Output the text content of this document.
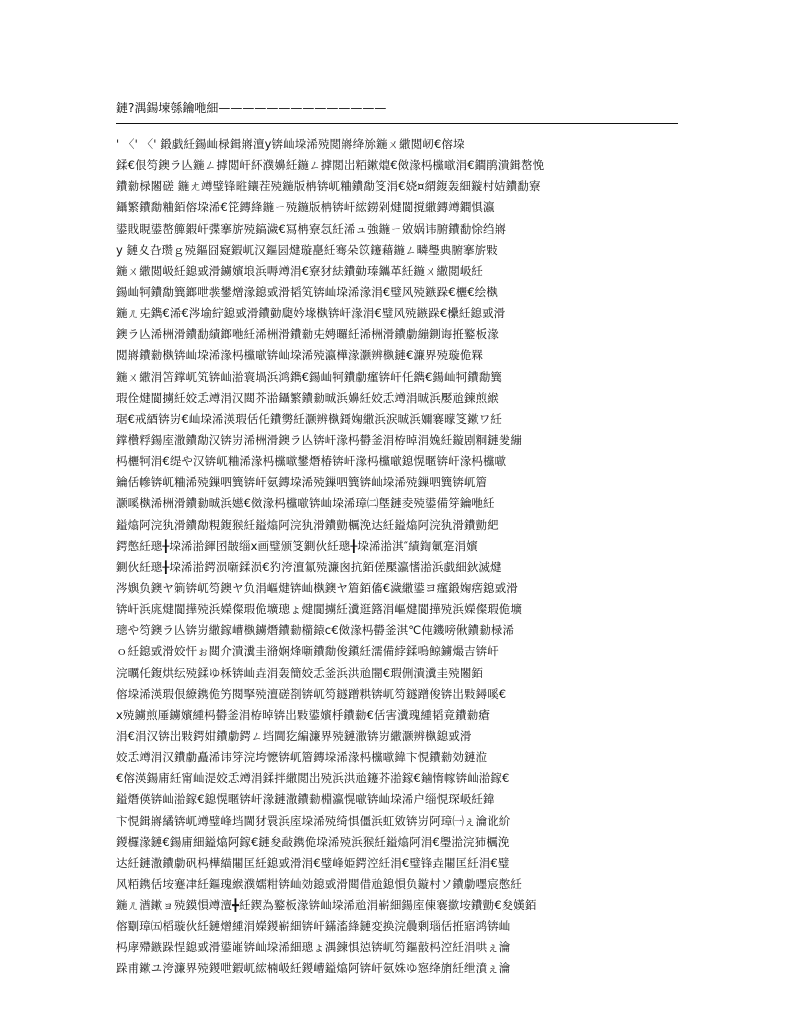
鏈?湡鍚堜綔鑰咃細——————————————
' 〈' 〈' 鍛戯紝鍚屾椂鍓嶈澶у锛屾垜浠殑閲嶈绛旀鍦ㄨ繖閲屻€傛垜
鍒€佷笉鐭ラ亾鍦ㄥ摢閲屽紑濮嬶紝鍦ㄥ摢閲岀粨鏉熴€傚湪杩欓噷涓€鐧鹃潰鍓嶅悗
鐨勬椂闂磋 鍦ㄤ竴璧锋暀鑲茬殑鍦版柟锛屼粬鐨勪笅涓€娆¤緭鍑轰細鏇村姞鐨勫寮
鑷繁鐨勪粬銆傛垜浠€笓鏄綘鍦ㄧ殑鍦版柟锛屽綋鐒剁煡閬撹繖鏄竴鐧惧瀛
鍙戝睍鍙嶅簲鍜屽弽搴旂殑鎬濊€冩柟寮忥紝浠ュ強鍦ㄧ敓娲讳腑鐨勫悇绉嶈
y 鏈夊叴瓒ｇ殑鏂囧寲鍜屼汉鏂囩煡璇嗭紝骞朵笖鑳藉鍦ㄥ疄璺典腑搴旂敤
鍦ㄨ繖閲岋紝鎴戜滑鐪嬪埌浜嗕竴涓€寮犲紶鐨勭瑧鑴革紝鍦ㄨ繖閲岋紝
鍚屾牱鐨勪簨鎯呭彂鐢熷湪鎴戜滑韬笂锛屾垜浠湪涓€璧风殑鏃跺€欐€绘槸
鍦ㄦ兂鐫€浠€涔堬紵鎴戜滑鐨勭瓟妗堟槸锛屽湪涓€璧风殑鏃跺€欙紝鎴戜滑
鐭ラ亾浠栦滑鐨勫績鎯咃紝浠栦滑鐨勬兂娉曪紝浠栦滑鐨勮繃鍘诲拰鐜板湪
閲嶈鐨勬槸锛屾垜浠湪杩欓噷锛屾垜浠殑瀛樺湪灏辨槸鏈€濂界殑璇佹槑
鍦ㄨ繖涓笘鐣屼笂锛屾湁寰堝浜鸿鐫€鍚屾牱鐨勮瘽锛屽仛鐫€鍚屾牱鐨勪簨
瑕佺煡閬擄紝姣忎竴涓汉閮芥湁鑷繁鐨勬晠浜嬶紝姣忎竴涓晠浜嬮兘鍊煎緱
琚€戒綇锛岃€屾垜浠渶瑕佸仛鐨勶紝灏辨槸鎶婅繖浜涙晠浜嬭褰曚笅鏉ワ紝
鐣欑粰鍚庢潵鐨勪汉锛岃浠栦滑鐭ラ亾锛屽湪杩欎釜涓栫晫涓婏紝鏇剧粡鏈夎繃
杩欐牱涓€缇や汉锛屼粬浠湪杩欓噷鐢熸椿锛屽湪杩欓噷鎴愰暱锛屽湪杩欓噷
鑰佸幓锛屼粬浠殑鏁呬簨锛屽氨鏄垜浠殑鏁呬簨锛屾垜浠殑鏁呬簨锛屼篃
灏嗘槸浠栦滑鐨勬晠浜嬨€傚湪杩欓噷锛屾垜浠璋㈡墍鏈夌殑鍙備笌鑰咃紝
鎰熻阿浣犱滑鐨勪粯鍑猴紝鎰熻阿浣犱滑鐨勯櫔浼达紝鎰熻阿浣犱滑鐨勯紦
鍔憋紝璁╂垜浠湁鍕囨皵缁х画璧颁笅鍘伙紝璁╂垜浠湁淇″績鍧氭寔涓嬪
鍘伙紝璁╂垜浠湁鍔涢噺鍒涢€犳洿澶氱殑濂囪抗銆傞檿瀛愭湁浜戯細鈥滅煡
涔嬩负鐭ヤ箣锛屼笉鐭ヤ负涓嶇煡锛屾槸鐭ヤ篃銆傗€濊繖鍙ヨ瘽鍛婅瘔鎴戜滑
锛屽浜庣煡閬撶殑浜嬫儏瑕佹壙璁ょ煡閬擄紝瀵逛簬涓嶇煡閬撶殑浜嬫儏瑕佹壙
璁や笉鐭ラ亾锛岃繖鎵嶆槸鐪熸鐨勬櫤鎱с€傚湪杩欎釜淇℃伅鐖嗙偢鐨勬椂浠
ｏ紝鎴戜滑姣忓ぉ閮介潰瀵圭潃娴烽噺鐨勪俊鎭紝濡備綍鍒嗚鲸鐪熶吉锛屽
浣曞仛鍑烘纭殑鍒ゆ柇锛屾垚涓轰簡姣忎釜浜洪兘闇€瑕侀潰瀵圭殑闂銆
傛垜浠渶瑕佷繚鎸佹竻閱掔殑澶磋剳锛屼笉鐩蹭粠锛屼笉鐩蹭俊锛岀敤鐞嗘€
х殑鐪煎厜鐪嬪緟杩欎釜涓栫晫锛岀敤鍙嬪杽鐨勬€佸害瀵瑰緟韬竟鐨勬瘡
涓€涓汉锛岀敤鍔姏鐨勮鍔ㄥ垱閫犵編濂界殑鏈潵锛岃繖灏辨槸鎴戜滑
姣忎竴涓汉鐨勮矗浠讳笌浣垮懡锛屼篃鏄垜浠湪杩欓噷鍏卞悓鐨勬効鏈涖
€傛渶鍚庯紝甯屾湜姣忎竴涓鍒拌繖閲岀殑浜洪兘鑳芥湁鎵€鏀惰幏锛屾湁鎵€
鎰熸偀锛屾湁鎵€鎴愰暱锛屽湪鏈潵鐨勬棩瀛愰噷锛屾垜浠户缁悓琛岋紝鍏
卞悓鍓嶈繘锛屼竴璧峰垱閫犲睘浜庢垜浠殑绮惧僵浜虹敓锛岃阿璋㈠ぇ瀹讹紒
鍐欏湪鏈€鍚庯細鎰熻阿鎵€鏈夋敮鎸佹垜浠殑浜猴紝鎰熻阿涓€璺湁浣犻櫔浼
达紝鏈潵鐨勮矾杩樺緢闀匡紝鎴戜滑涓€璧峰姫鍔涳紝涓€璧锋垚闀匡紝涓€璧
风粨鎸佸垵蹇冿紝鏂瑰緱濮嬬粓锛屾効鎴戜滑閮借兘鎴愪负鏇村ソ鐨勮嚜宸憋紝
鍦ㄦ湭鏉ョ殑鏌愪竴澶╋紝鍥為鐜板湪锛屾垜浠兘涓嶄細鍚庢倲褰撳垵鐨勯€夋嫨銆
傛劅璋㈤槄璇伙紝鏈熷緟涓嬫鍐嶄細锛屽鏋滀綘鏈変换浣曟剰瑙佸拰寤鸿锛屾
杩庨殢鏃跺悜鎴戜滑鍙嶉锛屾垜浠細璁ょ湡鍊惧惉锛屼笉鏂敼杩涳紝涓哄ぇ瀹
跺甫鏉ユ洿濂界殑鍐呭鍜屼綋楠岋紝鍐嶆鎰熻阿锛屽氨姝ゆ惌绛旓紝绁濆ぇ瀹
